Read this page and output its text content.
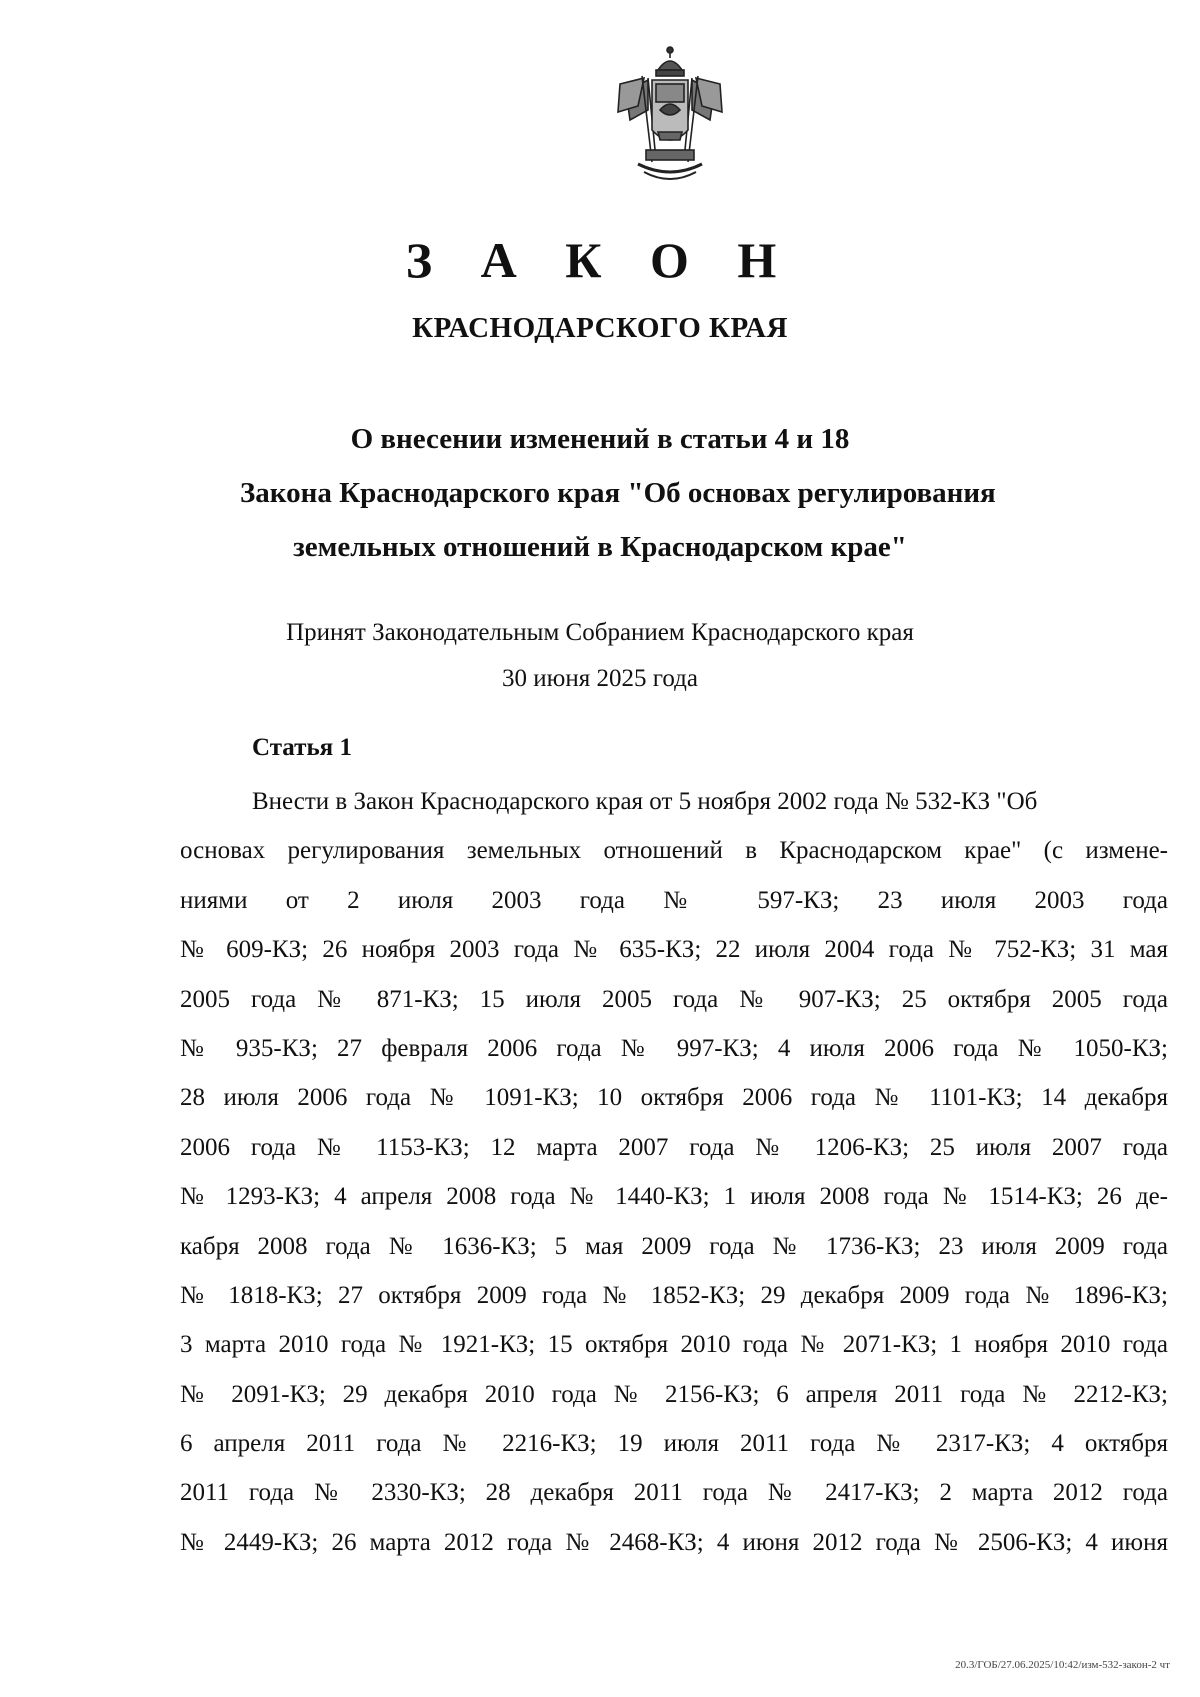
З А К О Н
КРАСНОДАРСКОГО КРАЯ
О внесении изменений в статьи 4 и 18
Закона Краснодарского края "Об основах регулирования
земельных отношений в Краснодарском крае"
Принят Законодательным Собранием Краснодарского края
30 июня 2025 года
Статья 1
Внести в Закон Краснодарского края от 5 ноября 2002 года № 532-КЗ "Об
основах регулирования земельных отношений в Краснодарском крае" (с измене-
ниями от 2 июля 2003 года № 597-КЗ; 23 июля 2003 года
№ 609-КЗ; 26 ноября 2003 года № 635-КЗ; 22 июля 2004 года № 752-КЗ; 31 мая
2005 года № 871-КЗ; 15 июля 2005 года № 907-КЗ; 25 октября 2005 года
№ 935-КЗ; 27 февраля 2006 года № 997-КЗ; 4 июля 2006 года № 1050-КЗ;
28 июля 2006 года № 1091-КЗ; 10 октября 2006 года № 1101-КЗ; 14 декабря
2006 года № 1153-КЗ; 12 марта 2007 года № 1206-КЗ; 25 июля 2007 года
№ 1293-КЗ; 4 апреля 2008 года № 1440-КЗ; 1 июля 2008 года № 1514-КЗ; 26 де-
кабря 2008 года № 1636-КЗ; 5 мая 2009 года № 1736-КЗ; 23 июля 2009 года
№ 1818-КЗ; 27 октября 2009 года № 1852-КЗ; 29 декабря 2009 года № 1896-КЗ;
3 марта 2010 года № 1921-КЗ; 15 октября 2010 года № 2071-КЗ; 1 ноября 2010 года
№ 2091-КЗ; 29 декабря 2010 года № 2156-КЗ; 6 апреля 2011 года № 2212-КЗ;
6 апреля 2011 года № 2216-КЗ; 19 июля 2011 года № 2317-КЗ; 4 октября
2011 года № 2330-КЗ; 28 декабря 2011 года № 2417-КЗ; 2 марта 2012 года
№ 2449-КЗ; 26 марта 2012 года № 2468-КЗ; 4 июня 2012 года № 2506-КЗ; 4 июня
20.3/ГОБ/27.06.2025/10:42/изм-532-закон-2 чт
